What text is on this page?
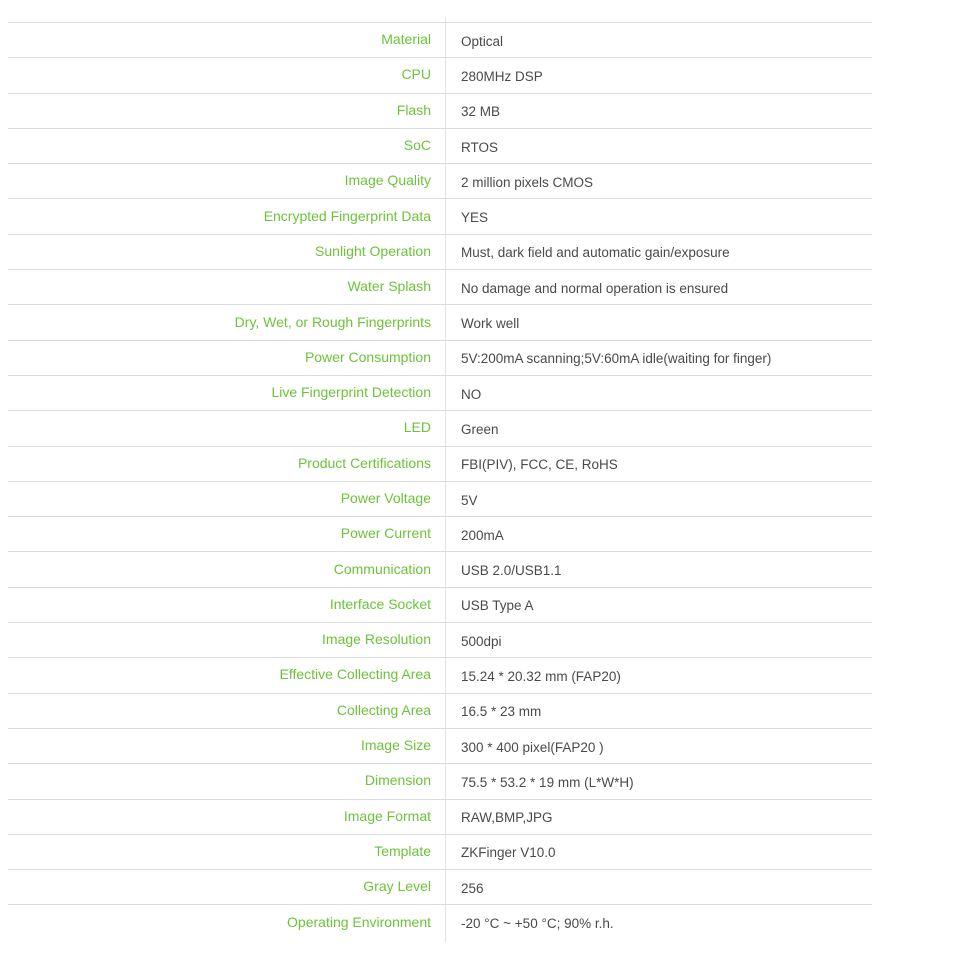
Material Optical
CPU 280MHz DSP
Flash 32 MB
SoC RTOS
Image Quality 2 million pixels CMOS
Encrypted Fingerprint Data YES
Sunlight Operation Must, dark field and automatic gain/exposure
Water Splash No damage and normal operation is ensured
Dry, Wet, or Rough Fingerprints Work well
Power Consumption 5V:200mA scanning;5V:60mA idle(waiting for finger)
Live Fingerprint Detection NO
LED Green
Product Certifications FBI(PIV), FCC, CE, RoHS
Power Voltage 5V
Power Current 200mA
Communication USB 2.0/USB1.1
Interface Socket USB Type A
Image Resolution 500dpi
Effective Collecting Area 15.24 * 20.32 mm (FAP20)
Collecting Area 16.5 * 23 mm
Image Size 300 * 400 pixel(FAP20 )
Dimension 75.5 * 53.2 * 19 mm (L*W*H)
Image Format RAW,BMP,JPG
Template ZKFinger V10.0
Gray Level 256
Operating Environment -20 °C ~ +50 °C; 90% r.h.
